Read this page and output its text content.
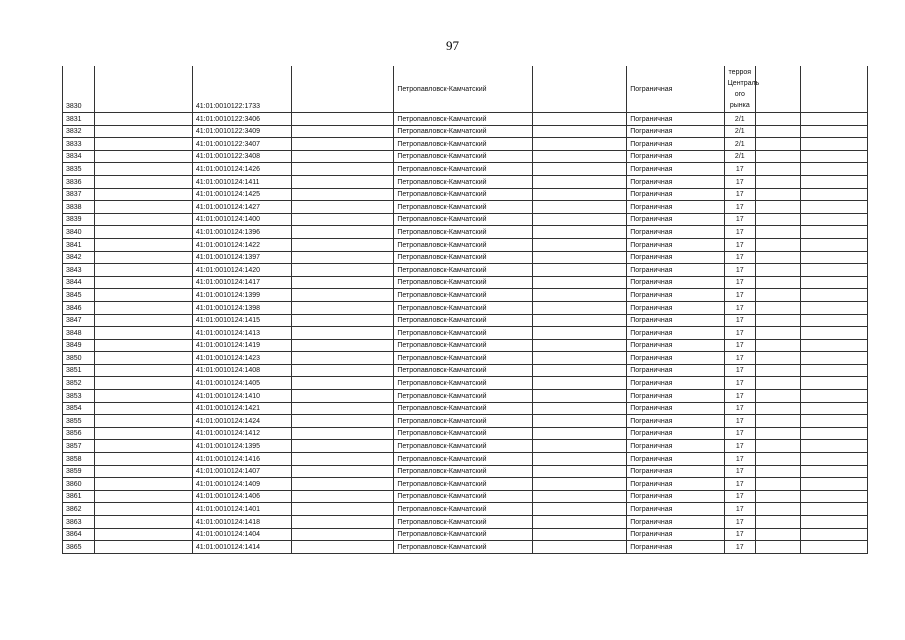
97
3830		41:01:0010122:1733		Петропавловск-Камчатский		Пограничная	терроя
Централь
ого рынка		

3831		41:01:0010122:3406		Петропавловск-Камчатский		Пограничная	2/1		
3832		41:01:0010122:3409		Петропавловск-Камчатский		Пограничная	2/1		
3833		41:01:0010122:3407		Петропавловск-Камчатский		Пограничная	2/1		
3834		41:01:0010122:3408		Петропавловск-Камчатский		Пограничная	2/1		
3835		41:01:0010124:1426		Петропавловск-Камчатский		Пограничная	17		
3836		41:01:0010124:1411		Петропавловск-Камчатский		Пограничная	17		
3837		41:01:0010124:1425		Петропавловск-Камчатский		Пограничная	17		
3838		41:01:0010124:1427		Петропавловск-Камчатский		Пограничная	17		
3839		41:01:0010124:1400		Петропавловск-Камчатский		Пограничная	17		
3840		41:01:0010124:1396		Петропавловск-Камчатский		Пограничная	17		
3841		41:01:0010124:1422		Петропавловск-Камчатский		Пограничная	17		
3842		41:01:0010124:1397		Петропавловск-Камчатский		Пограничная	17		
3843		41:01:0010124:1420		Петропавловск-Камчатский		Пограничная	17		
3844		41:01:0010124:1417		Петропавловск-Камчатский		Пограничная	17		
3845		41:01:0010124:1399		Петропавловск-Камчатский		Пограничная	17		
3846		41:01:0010124:1398		Петропавловск-Камчатский		Пограничная	17		
3847		41:01:0010124:1415		Петропавловск-Камчатский		Пограничная	17		
3848		41:01:0010124:1413		Петропавловск-Камчатский		Пограничная	17		
3849		41:01:0010124:1419		Петропавловск-Камчатский		Пограничная	17		
3850		41:01:0010124:1423		Петропавловск-Камчатский		Пограничная	17		
3851		41:01:0010124:1408		Петропавловск-Камчатский		Пограничная	17		
3852		41:01:0010124:1405		Петропавловск-Камчатский		Пограничная	17		
3853		41:01:0010124:1410		Петропавловск-Камчатский		Пограничная	17		
3854		41:01:0010124:1421		Петропавловск-Камчатский		Пограничная	17		
3855		41:01:0010124:1424		Петропавловск-Камчатский		Пограничная	17		
3856		41:01:0010124:1412		Петропавловск-Камчатский		Пограничная	17		
3857		41:01:0010124:1395		Петропавловск-Камчатский		Пограничная	17		
3858		41:01:0010124:1416		Петропавловск-Камчатский		Пограничная	17		
3859		41:01:0010124:1407		Петропавловск-Камчатский		Пограничная	17		
3860		41:01:0010124:1409		Петропавловск-Камчатский		Пограничная	17		
3861		41:01:0010124:1406		Петропавловск-Камчатский		Пограничная	17		
3862		41:01:0010124:1401		Петропавловск-Камчатский		Пограничная	17		
3863		41:01:0010124:1418		Петропавловск-Камчатский		Пограничная	17		
3864		41:01:0010124:1404		Петропавловск-Камчатский		Пограничная	17		
3865		41:01:0010124:1414		Петропавловск-Камчатский		Пограничная	17		
